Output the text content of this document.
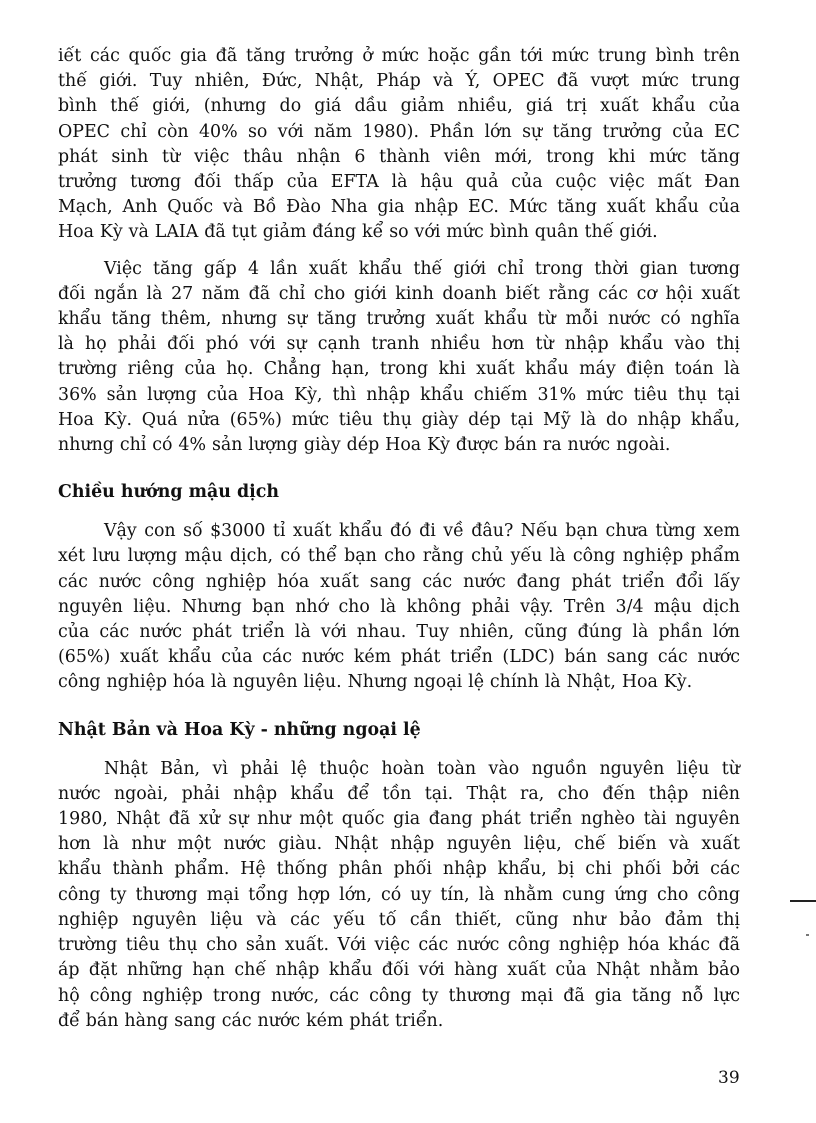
iết các quốc gia đã tăng trưởng ở mức hoặc gần tới mức trung bình trên
thế giới. Tuy nhiên, Đức, Nhật, Pháp và Ý, OPEC đã vượt mức trung
bình thế giới, (nhưng do giá dầu giảm nhiều, giá trị xuất khẩu của
OPEC chỉ còn 40% so với năm 1980). Phần lớn sự tăng trưởng của EC
phát sinh từ việc thâu nhận 6 thành viên mới, trong khi mức tăng
trưởng tương đối thấp của EFTA là hậu quả của cuộc việc mất Đan
Mạch, Anh Quốc và Bồ Đào Nha gia nhập EC. Mức tăng xuất khẩu của
Hoa Kỳ và LAIA đã tụt giảm đáng kể so với mức bình quân thế giới.

Việc tăng gấp 4 lần xuất khẩu thế giới chỉ trong thời gian tương
đối ngắn là 27 năm đã chỉ cho giới kinh doanh biết rằng các cơ hội xuất
khẩu tăng thêm, nhưng sự tăng trưởng xuất khẩu từ mỗi nước có nghĩa
là họ phải đối phó với sự cạnh tranh nhiều hơn từ nhập khẩu vào thị
trường riêng của họ. Chẳng hạn, trong khi xuất khẩu máy điện toán là
36% sản lượng của Hoa Kỳ, thì nhập khẩu chiếm 31% mức tiêu thụ tại
Hoa Kỳ. Quá nửa (65%) mức tiêu thụ giày dép tại Mỹ là do nhập khẩu,
nhưng chỉ có 4% sản lượng giày dép Hoa Kỳ được bán ra nước ngoài.

Chiều hướng mậu dịch

Vậy con số $3000 tỉ xuất khẩu đó đi về đâu? Nếu bạn chưa từng xem
xét lưu lượng mậu dịch, có thể bạn cho rằng chủ yếu là công nghiệp phẩm
các nước công nghiệp hóa xuất sang các nước đang phát triển đổi lấy
nguyên liệu. Nhưng bạn nhớ cho là không phải vậy. Trên 3/4 mậu dịch
của các nước phát triển là với nhau. Tuy nhiên, cũng đúng là phần lớn
(65%) xuất khẩu của các nước kém phát triển (LDC) bán sang các nước
công nghiệp hóa là nguyên liệu. Nhưng ngoại lệ chính là Nhật, Hoa Kỳ.

Nhật Bản và Hoa Kỳ - những ngoại lệ

Nhật Bản, vì phải lệ thuộc hoàn toàn vào nguồn nguyên liệu từ
nước ngoài, phải nhập khẩu để tồn tại. Thật ra, cho đến thập niên
1980, Nhật đã xử sự như một quốc gia đang phát triển nghèo tài nguyên
hơn là như một nước giàu. Nhật nhập nguyên liệu, chế biến và xuất
khẩu thành phẩm. Hệ thống phân phối nhập khẩu, bị chi phối bởi các
công ty thương mại tổng hợp lớn, có uy tín, là nhằm cung ứng cho công
nghiệp nguyên liệu và các yếu tố cần thiết, cũng như bảo đảm thị
trường tiêu thụ cho sản xuất. Với việc các nước công nghiệp hóa khác đã
áp đặt những hạn chế nhập khẩu đối với hàng xuất của Nhật nhằm bảo
hộ công nghiệp trong nước, các công ty thương mại đã gia tăng nỗ lực
để bán hàng sang các nước kém phát triển.

39
